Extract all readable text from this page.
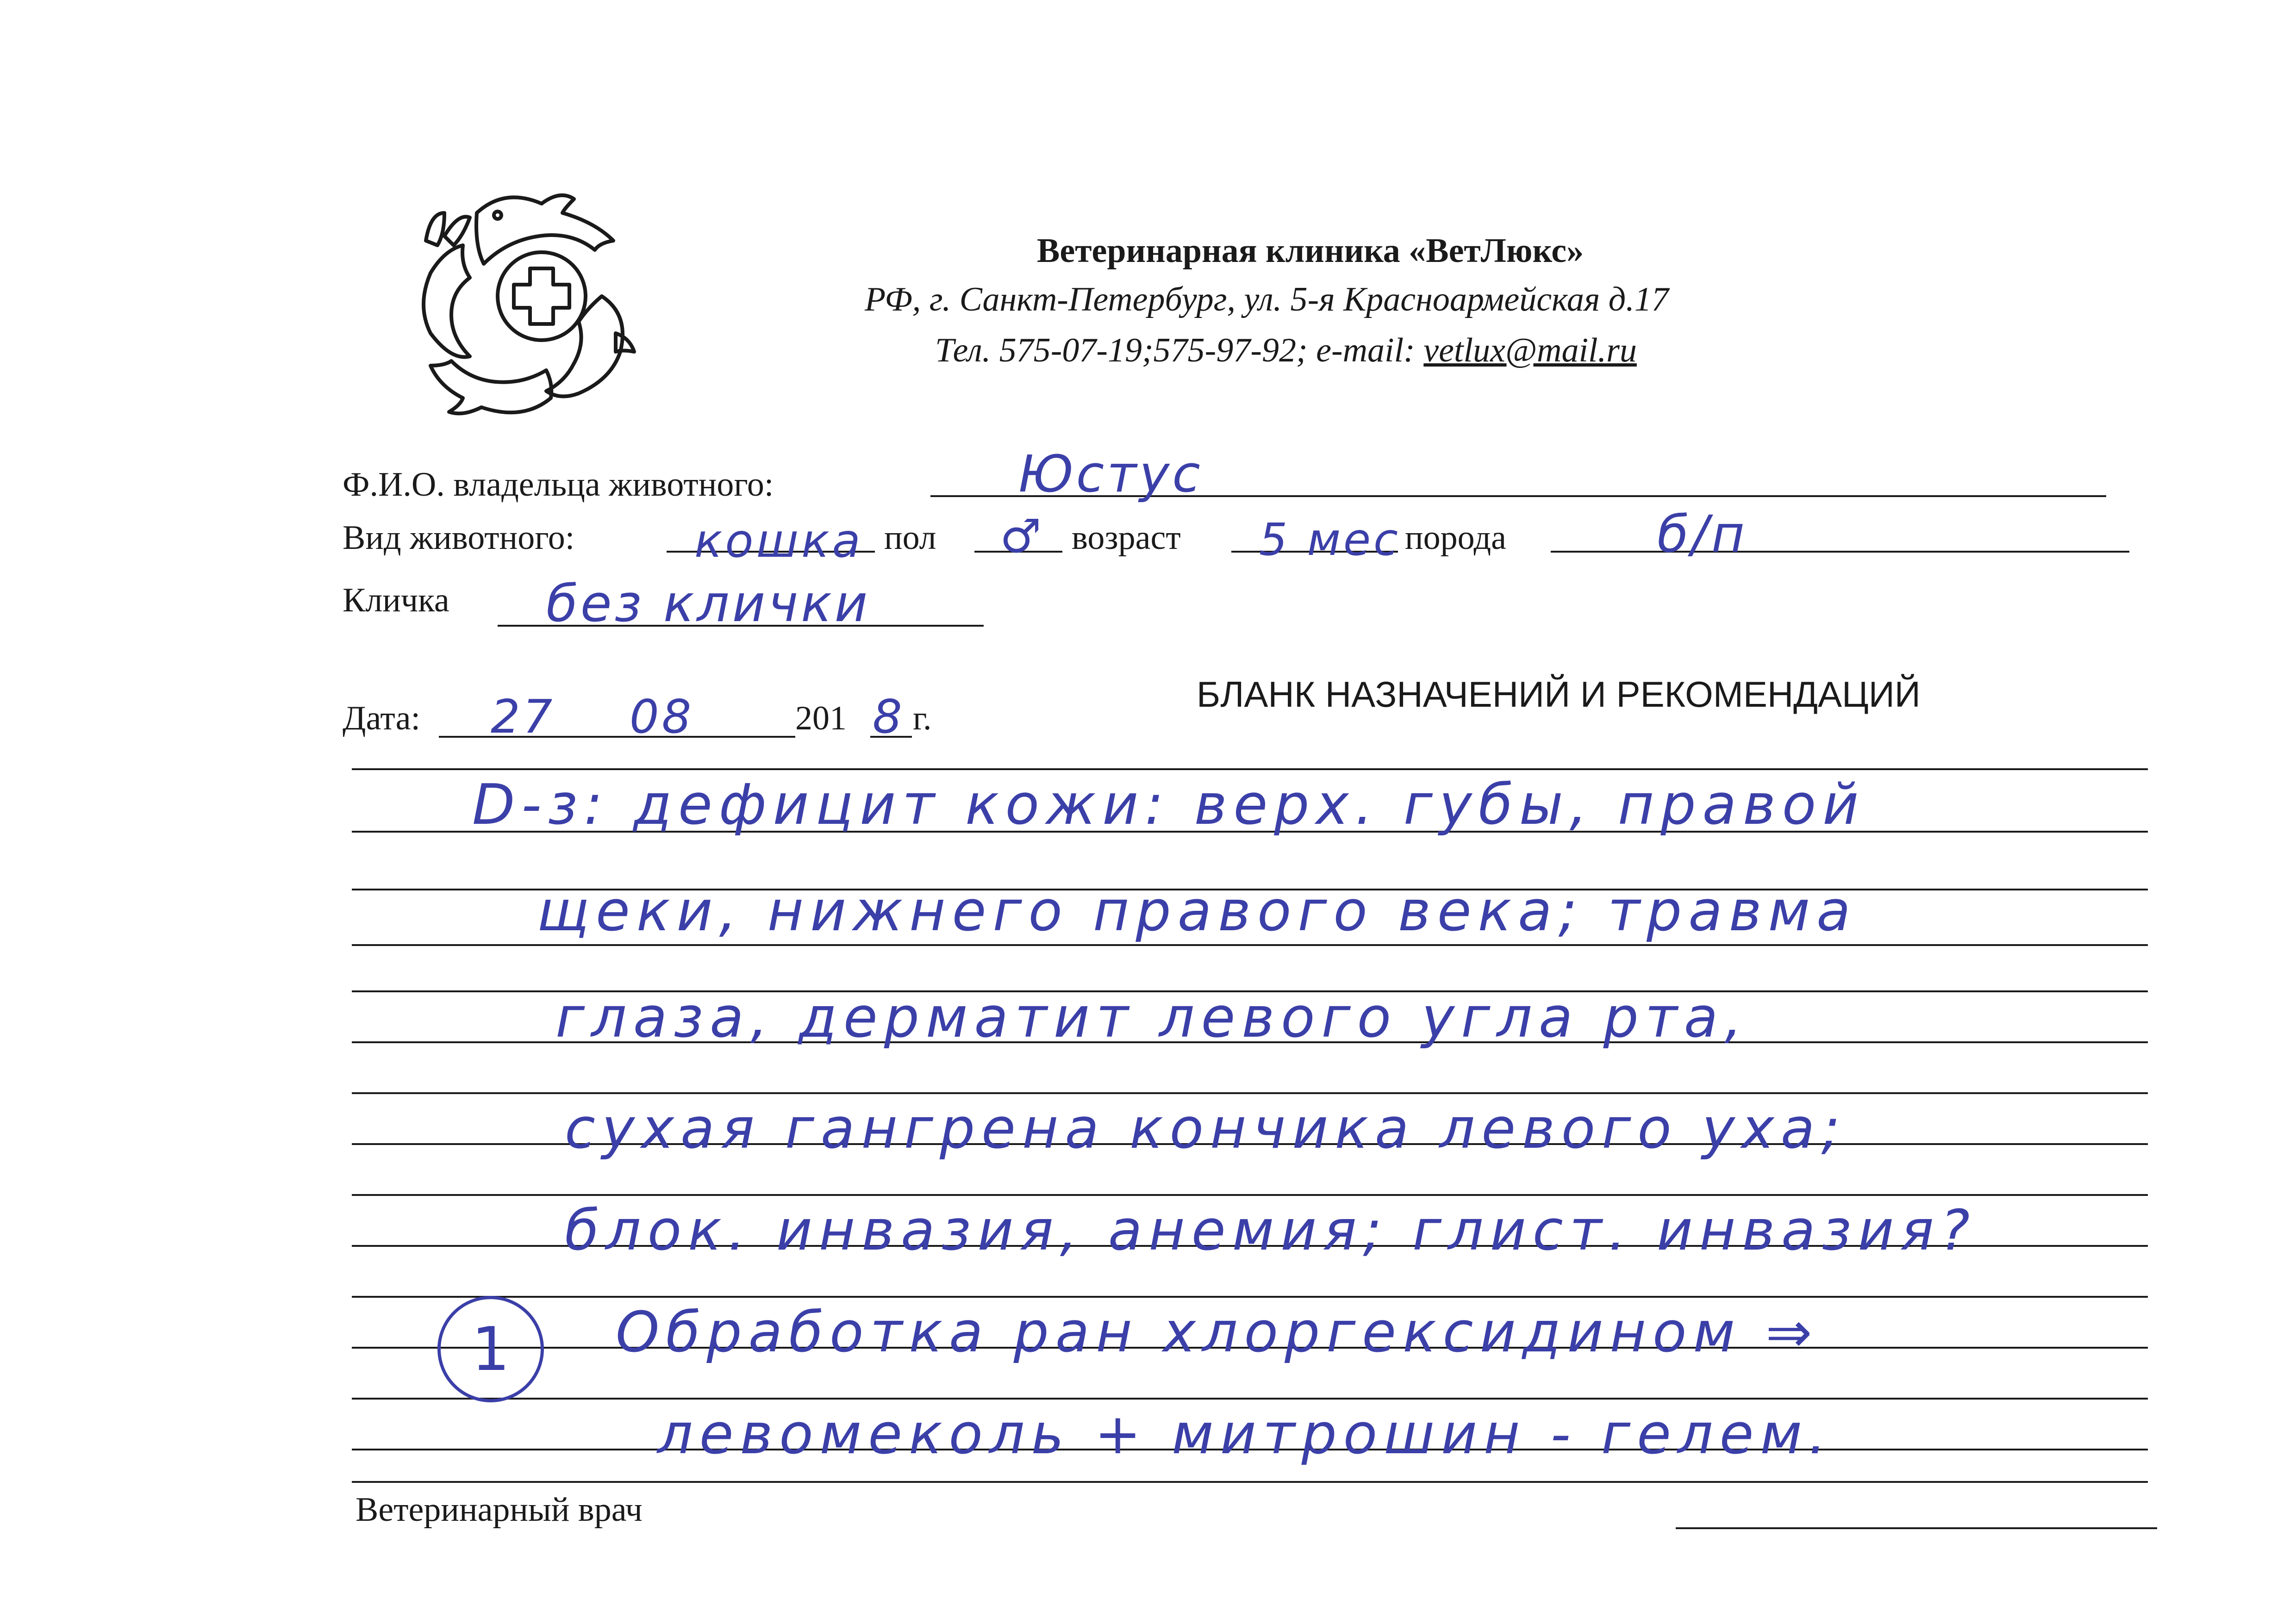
Ветеринарная клиника «ВетЛюкс»
РФ, г. Санкт-Петербург, ул. 5-я Красноармейская д.17
Тел. 575-07-19;575-97-92; e-mail: vetlux@mail.ru
Ф.И.О. владельца животного:	Юстус
Вид животного:	кошка пол ♂ возраст 5 мес порода	б/п
Кличка без клички
Дата: 27 08	201 8 г.
БЛАНК НАЗНАЧЕНИЙ И РЕКОМЕНДАЦИЙ
D-з: дефицит кожи: верх. губы, правой
щеки, нижнего правого века; травма
глаза, дерматит левого угла рта,
сухая гангрена кончика левого уха;
блок. инвазия, анемия; глист. инвазия?
Обработка ран хлоргексидином ⇒
левомеколь + митрошин - гелем.
1
Ветеринарный врач
